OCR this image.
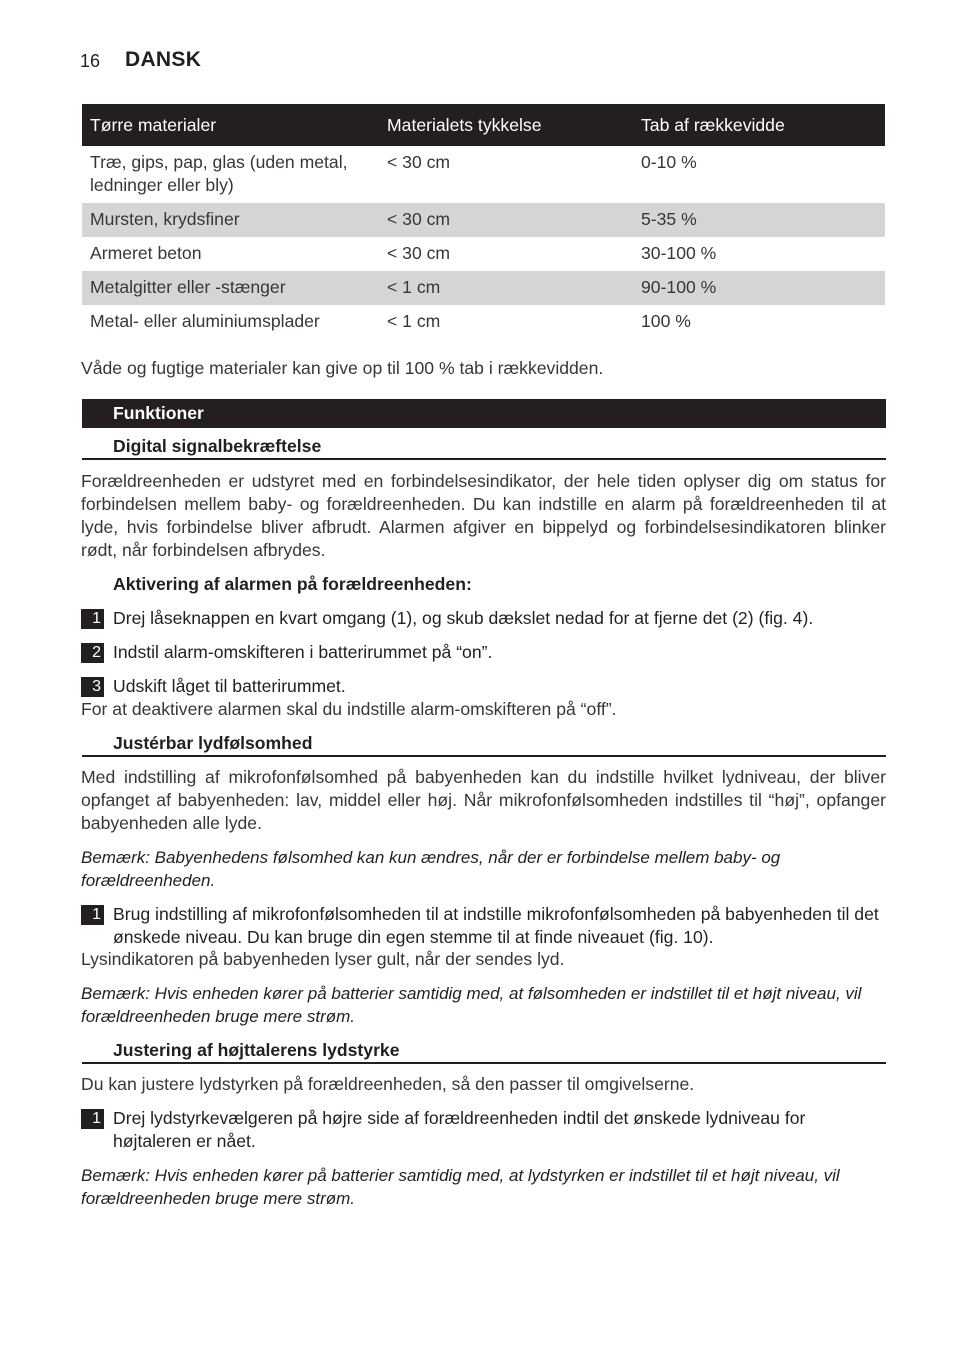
16 DANSK
Tørre materialer	Materialets tykkelse	Tab af rækkevidde
Træ, gips, pap, glas (uden metal, ledninger eller bly)	< 30 cm	0-10 %
Mursten, krydsfiner	< 30 cm	5-35 %
Armeret beton	< 30 cm	30-100 %
Metalgitter eller -stænger	< 1 cm	90-100 %
Metal- eller aluminiumsplader	< 1 cm	100 %
Våde og fugtige materialer kan give op til 100 % tab i rækkevidden.
Funktioner
Digital signalbekræftelse
Forældreenheden er udstyret med en forbindelsesindikator, der hele tiden oplyser dig om status for forbindelsen mellem baby- og forældreenheden. Du kan indstille en alarm på forældreenheden til at lyde, hvis forbindelse bliver afbrudt. Alarmen afgiver en bippelyd og forbindelsesindikatoren blinker rødt, når forbindelsen afbrydes.
Aktivering af alarmen på forældreenheden:
1 Drej låseknappen en kvart omgang (1), og skub dækslet nedad for at fjerne det (2) (fig. 4).
2 Indstil alarm-omskifteren i batterirummet på “on”.
3 Udskift låget til batterirummet.
For at deaktivere alarmen skal du indstille alarm-omskifteren på “off”.
Justérbar lydfølsomhed
Med indstilling af mikrofonfølsomhed på babyenheden kan du indstille hvilket lydniveau, der bliver opfanget af babyenheden: lav, middel eller høj. Når mikrofonfølsomheden indstilles til “høj”, opfanger babyenheden alle lyde.
Bemærk: Babyenhedens følsomhed kan kun ændres, når der er forbindelse mellem baby- og forældreenheden.
1 Brug indstilling af mikrofonfølsomheden til at indstille mikrofonfølsomheden på babyenheden til det ønskede niveau. Du kan bruge din egen stemme til at finde niveauet (fig. 10).
Lysindikatoren på babyenheden lyser gult, når der sendes lyd.
Bemærk: Hvis enheden kører på batterier samtidig med, at følsomheden er indstillet til et højt niveau, vil forældreenheden bruge mere strøm.
Justering af højttalerens lydstyrke
Du kan justere lydstyrken på forældreenheden, så den passer til omgivelserne.
1 Drej lydstyrkevælgeren på højre side af forældreenheden indtil det ønskede lydniveau for højtaleren er nået.
Bemærk: Hvis enheden kører på batterier samtidig med, at lydstyrken er indstillet til et højt niveau, vil forældreenheden bruge mere strøm.
